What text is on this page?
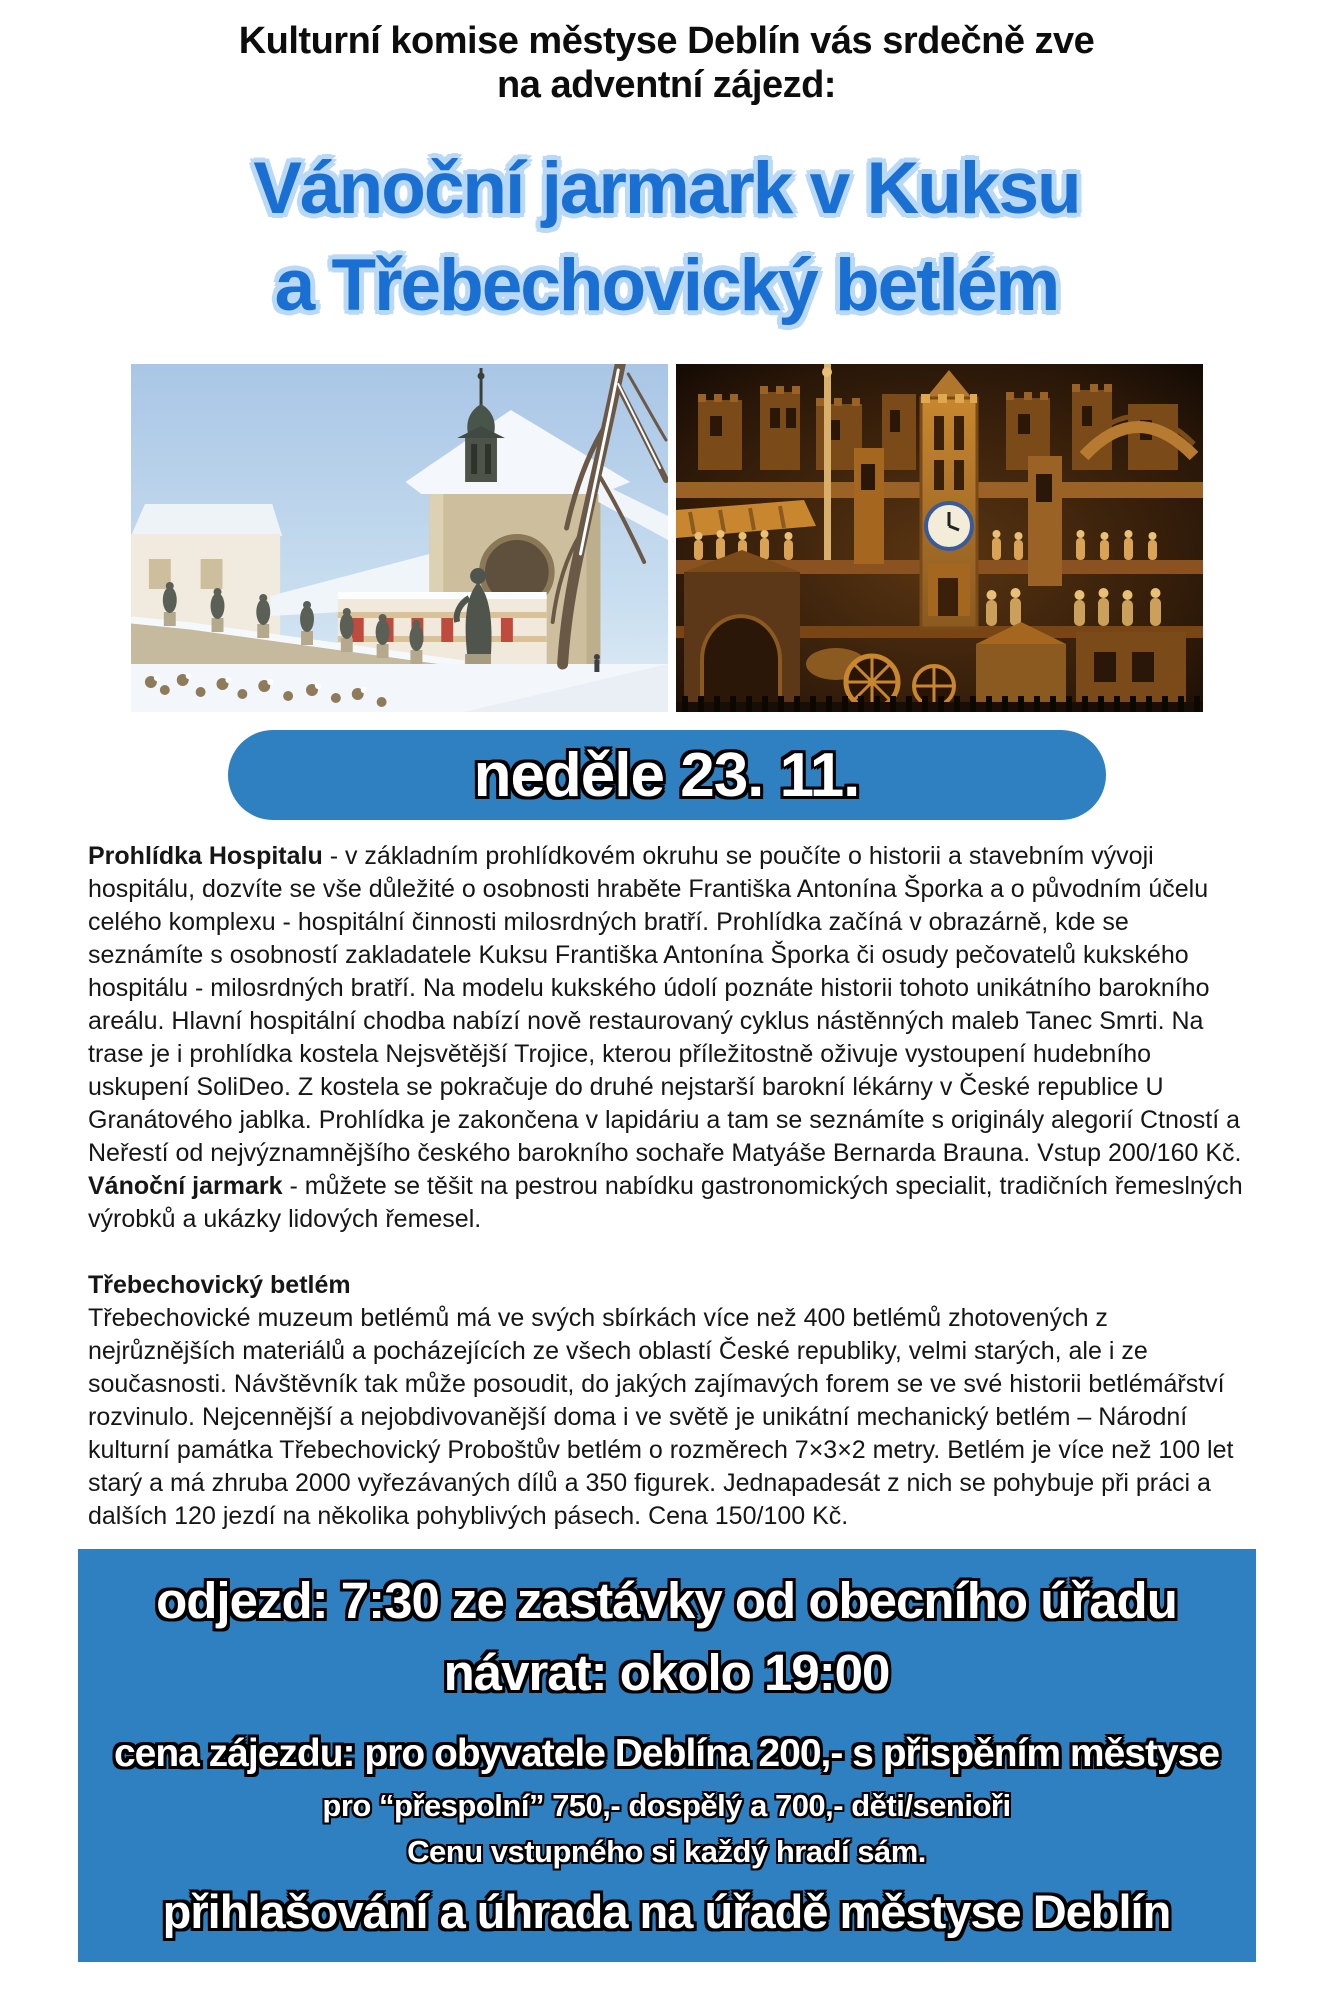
Kulturní komise městyse Deblín vás srdečně zve
na adventní zájezd:
Vánoční jarmark v Kuksu
a Třebechovický betlém
neděle 23. 11.

Prohlídka Hospitalu - v základním prohlídkovém okruhu se poučíte o historii a stavebním vývoji hospitálu, dozvíte se vše důležité o osobnosti hraběte Františka Antonína Šporka a o původním účelu celého komplexu - hospitální činnosti milosrdných bratří. Prohlídka začíná v obrazárně, kde se seznámíte s osobností zakladatele Kuksu Františka Antonína Šporka či osudy pečovatelů kukského hospitálu - milosrdných bratří. Na modelu kukského údolí poznáte historii tohoto unikátního barokního areálu. Hlavní hospitální chodba nabízí nově restaurovaný cyklus nástěnných maleb Tanec Smrti. Na trase je i prohlídka kostela Nejsvětější Trojice, kterou příležitostně oživuje vystoupení hudebního uskupení SoliDeo. Z kostela se pokračuje do druhé nejstarší barokní lékárny v České republice U Granátového jablka. Prohlídka je zakončena v lapidáriu a tam se seznámíte s originály alegorií Ctností a Neřestí od nejvýznamnějšího českého barokního sochaře Matyáše Bernarda Brauna. Vstup 200/160 Kč.

Vánoční jarmark - můžete se těšit na pestrou nabídku gastronomických specialit, tradičních řemeslných výrobků a ukázky lidových řemesel.

Třebechovický betlém

Třebechovické muzeum betlémů má ve svých sbírkách více než 400 betlémů zhotovených z nejrůznějších materiálů a pocházejících ze všech oblastí České republiky, velmi starých, ale i ze současnosti. Návštěvník tak může posoudit, do jakých zajímavých forem se ve své historii betlémářství rozvinulo. Nejcennější a nejobdivovanější doma i ve světě je unikátní mechanický betlém – Národní kulturní památka Třebechovický Proboštův betlém o rozměrech 7×3×2 metry. Betlém je více než 100 let starý a má zhruba 2000 vyřezávaných dílů a 350 figurek. Jednapadesát z nich se pohybuje při práci a dalších 120 jezdí na několika pohyblivých pásech. Cena 150/100 Kč.

odjezd: 7:30 ze zastávky od obecního úřadu
návrat: okolo 19:00
cena zájezdu: pro obyvatele Deblína 200,- s přispěním městyse
pro “přespolní” 750,- dospělý a 700,- děti/senioři
Cenu vstupného si každý hradí sám.
přihlašování a úhrada na úřadě městyse Deblín
